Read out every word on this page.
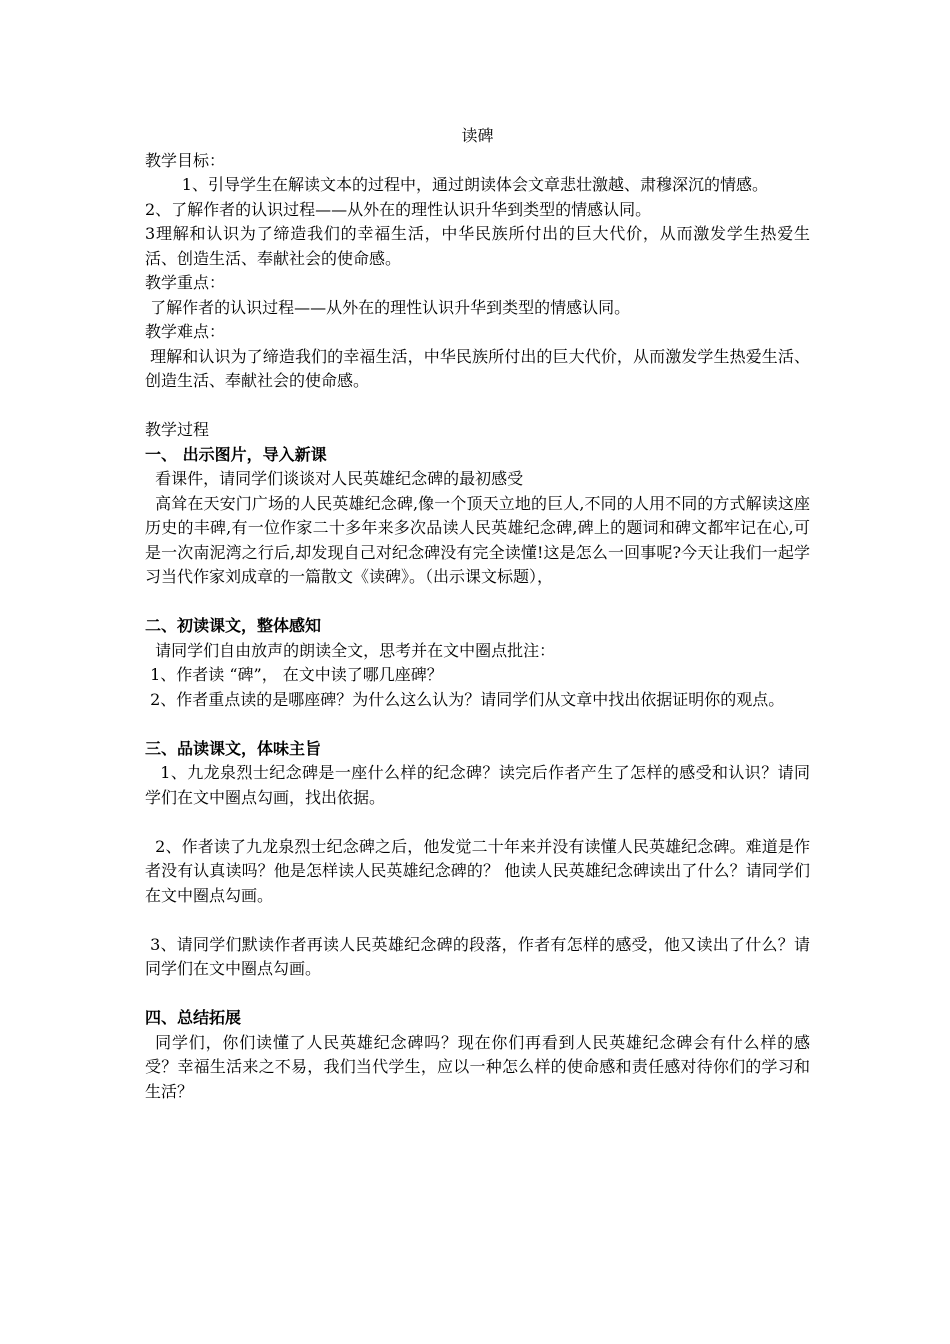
读碑

教学目标：

1、引导学生在解读文本的过程中，通过朗读体会文章悲壮激越、肃穆深沉的情感。

2、了解作者的认识过程——从外在的理性认识升华到类型的情感认同。

3理解和认识为了缔造我们的幸福生活，中华民族所付出的巨大代价，从而激发学生热爱生活、创造生活、奉献社会的使命感。

教学重点：

了解作者的认识过程——从外在的理性认识升华到类型的情感认同。

教学难点：

理解和认识为了缔造我们的幸福生活，中华民族所付出的巨大代价，从而激发学生热爱生活、创造生活、奉献社会的使命感。

教学过程

一、 出示图片，导入新课

看课件，请同学们谈谈对人民英雄纪念碑的最初感受

高耸在天安门广场的人民英雄纪念碑,像一个顶天立地的巨人,不同的人用不同的方式解读这座历史的丰碑,有一位作家二十多年来多次品读人民英雄纪念碑,碑上的题词和碑文都牢记在心,可是一次南泥湾之行后,却发现自己对纪念碑没有完全读懂!这是怎么一回事呢?今天让我们一起学习当代作家刘成章的一篇散文《读碑》。（出示课文标题），

二、初读课文，整体感知

请同学们自由放声的朗读全文，思考并在文中圈点批注：

1、作者读 “碑”， 在文中读了哪几座碑？

2、作者重点读的是哪座碑？为什么这么认为？请同学们从文章中找出依据证明你的观点。

三、品读课文，体味主旨

1、九龙泉烈士纪念碑是一座什么样的纪念碑？读完后作者产生了怎样的感受和认识？请同学们在文中圈点勾画，找出依据。

2、作者读了九龙泉烈士纪念碑之后，他发觉二十年来并没有读懂人民英雄纪念碑。难道是作者没有认真读吗？他是怎样读人民英雄纪念碑的？ 他读人民英雄纪念碑读出了什么？请同学们在文中圈点勾画。

3、请同学们默读作者再读人民英雄纪念碑的段落，作者有怎样的感受，他又读出了什么？请同学们在文中圈点勾画。

四、总结拓展

同学们，你们读懂了人民英雄纪念碑吗？现在你们再看到人民英雄纪念碑会有什么样的感受？幸福生活来之不易，我们当代学生，应以一种怎么样的使命感和责任感对待你们的学习和生活？
